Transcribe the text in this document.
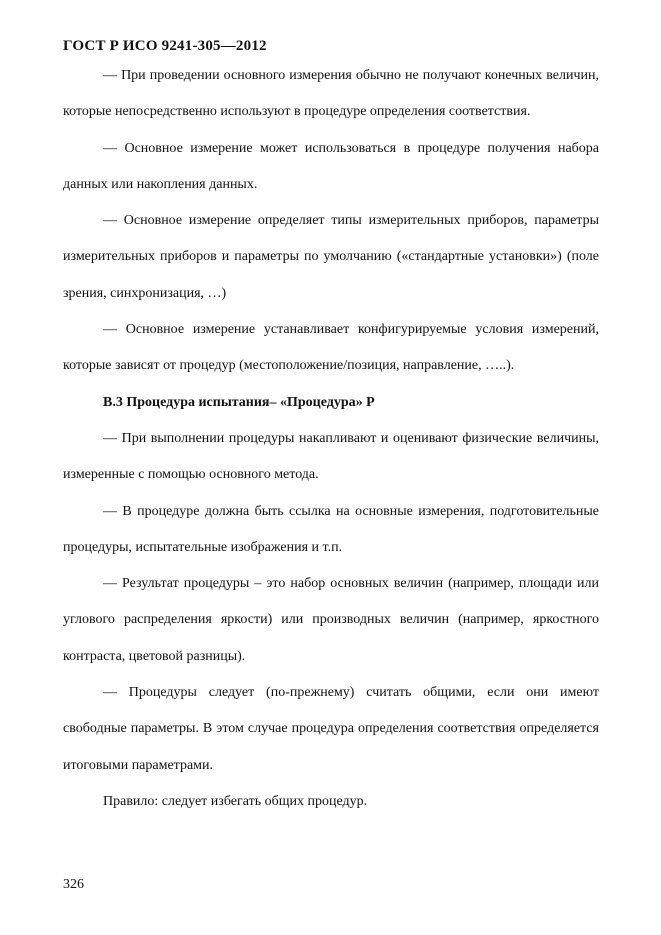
ГОСТ Р ИСО 9241-305—2012

— При проведении основного измерения обычно не получают конечных величин, которые непосредственно используют в процедуре определения соответствия.

— Основное измерение может использоваться в процедуре получения набора данных или накопления данных.

— Основное измерение определяет типы измерительных приборов, параметры измерительных приборов и параметры по умолчанию («стандартные установки») (поле зрения, синхронизация, …)

— Основное измерение устанавливает конфигурируемые условия измерений, которые зависят от процедур (местоположение/позиция, направление, …..).

В.3 Процедура испытания– «Процедура» Р

— При выполнении процедуры накапливают и оценивают физические величины, измеренные с помощью основного метода.

— В процедуре должна быть ссылка на основные измерения, подготовительные процедуры, испытательные изображения и т.п.

— Результат процедуры – это набор основных величин (например, площади или углового распределения яркости) или производных величин (например, яркостного контраста, цветовой разницы).

— Процедуры следует (по-прежнему) считать общими, если они имеют свободные параметры. В этом случае процедура определения соответствия определяется итоговыми параметрами.

Правило: следует избегать общих процедур.

326
